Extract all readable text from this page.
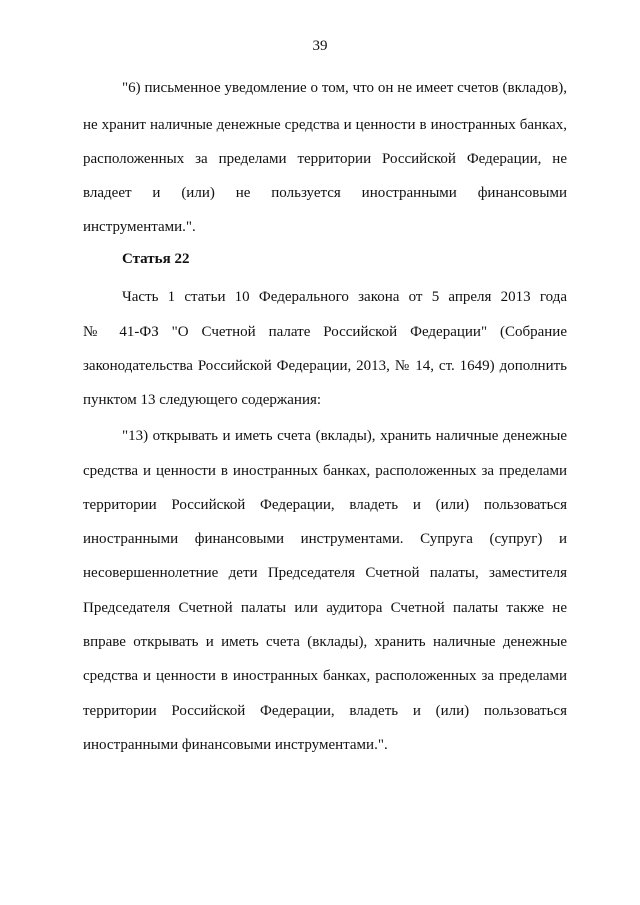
39
"6) письменное уведомление о том, что он не имеет счетов (вкладов),
не хранит наличные денежные средства и ценности в иностранных банках,
расположенных за пределами территории Российской Федерации, не
владеет и (или) не пользуется иностранными финансовыми
инструментами.".
Статья 22
Часть 1 статьи 10 Федерального закона от 5 апреля 2013 года
№ 41-ФЗ "О Счетной палате Российской Федерации" (Собрание
законодательства Российской Федерации, 2013, № 14, ст. 1649) дополнить
пунктом 13 следующего содержания:
"13) открывать и иметь счета (вклады), хранить наличные денежные
средства и ценности в иностранных банках, расположенных за пределами
территории Российской Федерации, владеть и (или) пользоваться
иностранными финансовыми инструментами. Супруга (супруг) и
несовершеннолетние дети Председателя Счетной палаты, заместителя
Председателя Счетной палаты или аудитора Счетной палаты также не
вправе открывать и иметь счета (вклады), хранить наличные денежные
средства и ценности в иностранных банках, расположенных за пределами
территории Российской Федерации, владеть и (или) пользоваться
иностранными финансовыми инструментами.".
